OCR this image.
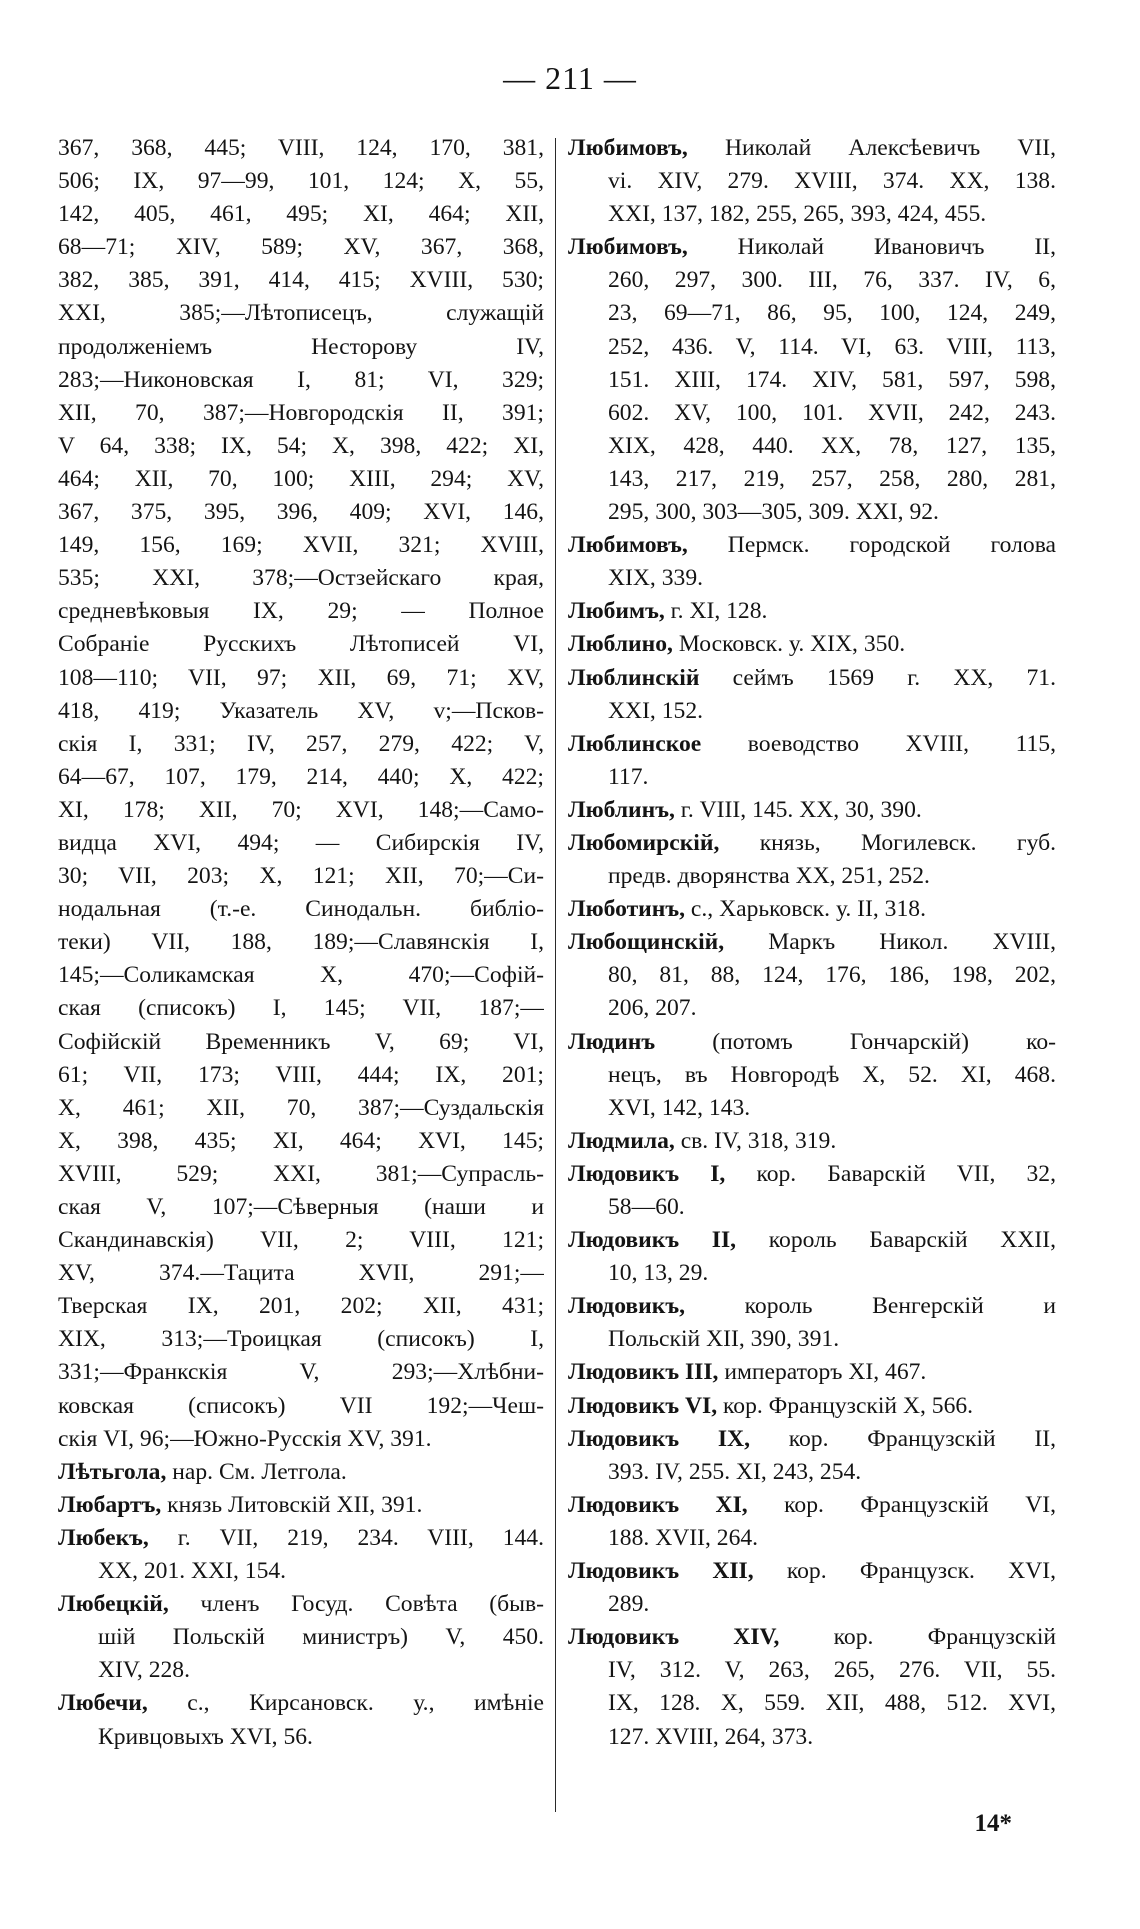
— 211 —
367, 368, 445; VIII, 124, 170, 381,
506; IX, 97—99, 101, 124; X, 55,
142, 405, 461, 495; XI, 464; XII,
68—71; XIV, 589; XV, 367, 368,
382, 385, 391, 414, 415; XVIII, 530;
XXI, 385;—Лѣтописецъ, служащій
продолженіемъ Несторову IV,
283;—Никоновская I, 81; VI, 329;
XII, 70, 387;—Новгородскія II, 391;
V 64, 338; IX, 54; X, 398, 422; XI,
464; XII, 70, 100; XIII, 294; XV,
367, 375, 395, 396, 409; XVI, 146,
149, 156, 169; XVII, 321; XVIII,
535; XXI, 378;—Остзейскаго края,
средневѣковыя IX, 29; — Полное
Собраніе Русскихъ Лѣтописей VI,
108—110; VII, 97; XII, 69, 71; XV,
418, 419; Указатель XV, v;—Псков-
скія I, 331; IV, 257, 279, 422; V,
64—67, 107, 179, 214, 440; X, 422;
XI, 178; XII, 70; XVI, 148;—Само-
видца XVI, 494; — Сибирскія IV,
30; VII, 203; X, 121; XII, 70;—Си-
нодальная (т.-е. Синодальн. библіо-
теки) VII, 188, 189;—Славянскія I,
145;—Соликамская X, 470;—Софій-
ская (списокъ) I, 145; VII, 187;—
Софійскій Временникъ V, 69; VI,
61; VII, 173; VIII, 444; IX, 201;
X, 461; XII, 70, 387;—Суздальскія
X, 398, 435; XI, 464; XVI, 145;
XVIII, 529; XXI, 381;—Супрасль-
ская V, 107;—Сѣверныя (наши и
Скандинавскія) VII, 2; VIII, 121;
XV, 374.—Тацита XVII, 291;—
Тверская IX, 201, 202; XII, 431;
XIX, 313;—Троицкая (списокъ) I,
331;—Франкскія V, 293;—Хлѣбни-
ковская (списокъ) VII 192;—Чеш-
скія VI, 96;—Южно-Русскія XV, 391.
Лѣтьгола, нар. См. Летгола.
Любартъ, князь Литовскій XII, 391.
Любекъ, г. VII, 219, 234. VIII, 144.
XX, 201. XXI, 154.
Любецкій, членъ Госуд. Совѣта (быв-
шій Польскій министръ) V, 450.
XIV, 228.
Любечи, с., Кирсановск. у., имѣніе
Кривцовыхъ XVI, 56.
Любимовъ, Николай Алексѣевичъ VII,
vi. XIV, 279. XVIII, 374. XX, 138.
XXI, 137, 182, 255, 265, 393, 424, 455.
Любимовъ, Николай Ивановичъ II,
260, 297, 300. III, 76, 337. IV, 6,
23, 69—71, 86, 95, 100, 124, 249,
252, 436. V, 114. VI, 63. VIII, 113,
151. XIII, 174. XIV, 581, 597, 598,
602. XV, 100, 101. XVII, 242, 243.
XIX, 428, 440. XX, 78, 127, 135,
143, 217, 219, 257, 258, 280, 281,
295, 300, 303—305, 309. XXI, 92.
Любимовъ, Пермск. городской голова
XIX, 339.
Любимъ, г. XI, 128.
Люблино, Московск. у. XIX, 350.
Люблинскій сеймъ 1569 г. XX, 71.
XXI, 152.
Люблинское воеводство XVIII, 115,
117.
Люблинъ, г. VIII, 145. XX, 30, 390.
Любомирскій, князь, Могилевск. губ.
предв. дворянства XX, 251, 252.
Люботинъ, с., Харьковск. у. II, 318.
Любощинскій, Маркъ Никол. XVIII,
80, 81, 88, 124, 176, 186, 198, 202,
206, 207.
Людинъ (потомъ Гончарскій) ко-
нецъ, въ Новгородѣ X, 52. XI, 468.
XVI, 142, 143.
Людмила, св. IV, 318, 319.
Людовикъ I, кор. Баварскій VII, 32,
58—60.
Людовикъ II, король Баварскій XXII,
10, 13, 29.
Людовикъ, король Венгерскій и
Польскій XII, 390, 391.
Людовикъ III, императоръ XI, 467.
Людовикъ VI, кор. Французскій X, 566.
Людовикъ IX, кор. Французскій II,
393. IV, 255. XI, 243, 254.
Людовикъ XI, кор. Французскій VI,
188. XVII, 264.
Людовикъ XII, кор. Французск. XVI,
289.
Людовикъ XIV, кор. Французскій
IV, 312. V, 263, 265, 276. VII, 55.
IX, 128. X, 559. XII, 488, 512. XVI,
127. XVIII, 264, 373.
14*
